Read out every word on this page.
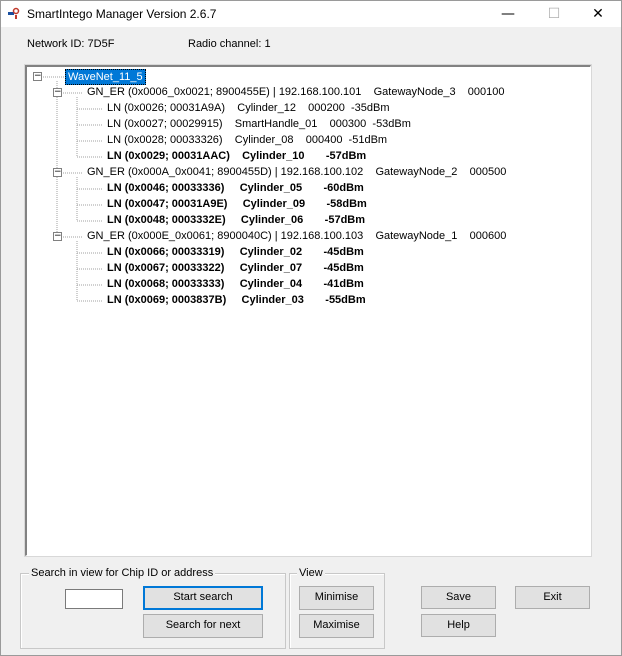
SmartIntego Manager Version 2.6.7	—	☐	✕
Network ID: 7D5F	Radio channel: 1
− WaveNet_11_5
− GN_ER (0x0006_0x0021; 8900455E) | 192.168.100.101    GatewayNode_3    000100
LN (0x0026; 00031A9A)    Cylinder_12    000200  -35dBm
LN (0x0027; 00029915)    SmartHandle_01    000300  -53dBm
LN (0x0028; 00033326)    Cylinder_08    000400  -51dBm
LN (0x0029; 00031AAC)    Cylinder_10       -57dBm
− GN_ER (0x000A_0x0041; 8900455D) | 192.168.100.102    GatewayNode_2    000500
LN (0x0046; 00033336)     Cylinder_05       -60dBm
LN (0x0047; 00031A9E)     Cylinder_09       -58dBm
LN (0x0048; 0003332E)     Cylinder_06       -57dBm
− GN_ER (0x000E_0x0061; 8900040C) | 192.168.100.103    GatewayNode_1    000600
LN (0x0066; 00033319)     Cylinder_02       -45dBm
LN (0x0067; 00033322)     Cylinder_07       -45dBm
LN (0x0068; 00033333)     Cylinder_04       -41dBm
LN (0x0069; 0003837B)     Cylinder_03       -55dBm
Search in view for Chip ID or address
Start search
Search for next
View
Minimise
Maximise
Save	Exit
Help
